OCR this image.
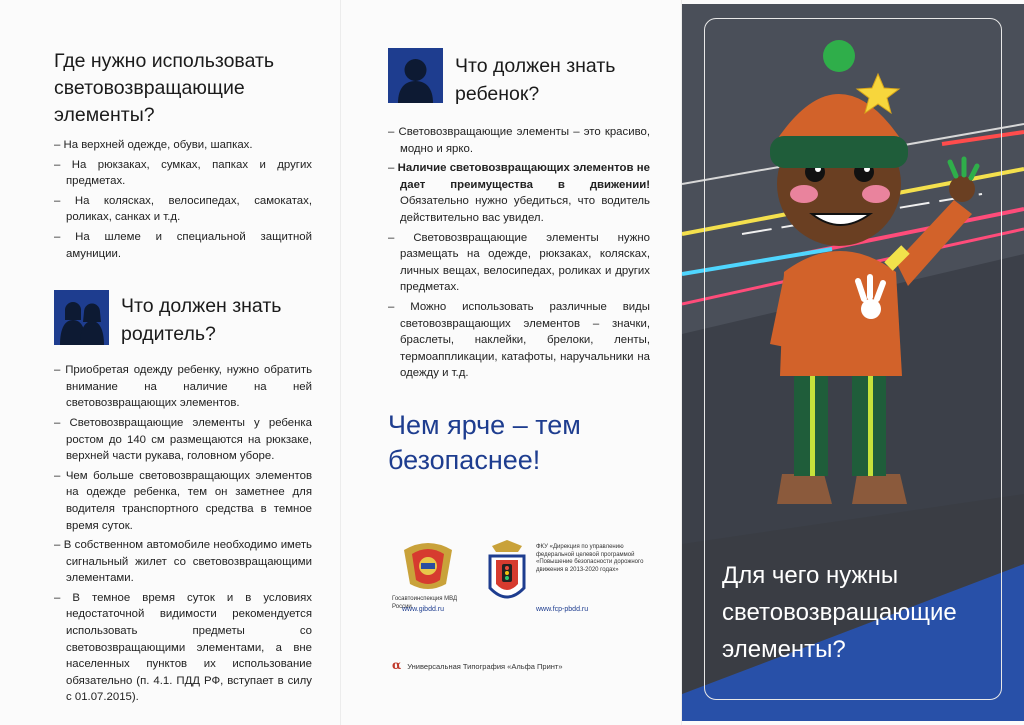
Где нужно использовать световозвращающие элементы?
– На верхней одежде, обуви, шапках.
– На рюкзаках, сумках, папках и других предметах.
– На колясках, велосипедах, самокатах, роликах, санках и т.д.
– На шлеме и специальной защитной амуниции.
Что должен знать родитель?
– Приобретая одежду ребенку, нужно обратить внимание на наличие на ней световозвращающих элементов.
– Световозвращающие элементы у ребенка ростом до 140 см размещаются на рюкзаке, верхней части рукава, головном уборе.
– Чем больше световозвращающих элементов на одежде ребенка, тем он заметнее для водителя транспортного средства в темное время суток.
– В собственном автомобиле необходимо иметь сигнальный жилет со световозвращающими элементами.
– В темное время суток и в условиях недостаточной видимости рекомендуется использовать предметы со световозвращающими элементами, а вне населенных пунктов их использование обязательно (п. 4.1. ПДД РФ, вступает в силу с 01.07.2015).
Что должен знать ребенок?
– Световозвращающие элементы – это красиво, модно и ярко.
– Наличие световозвращающих элементов не дает преимущества в движении! Обязательно нужно убедиться, что водитель действительно вас увидел.
– Световозвращающие элементы нужно размещать на одежде, рюкзаках, колясках, личных вещах, велосипедах, роликах и других предметах.
– Можно использовать различные виды световозвращающих элементов – значки, браслеты, наклейки, брелоки, ленты, термоаппликации, катафоты, наручальники на одежду и т.д.
Чем ярче – тем безопаснее!
Госавтоинспекция МВД России
www.gibdd.ru
ФКУ «Дирекция по управлению федеральной целевой программой «Повышение безопасности дорожного движения в 2013-2020 годах»
www.fcp-pbdd.ru
α Универсальная Типография «Альфа Принт»
Для чего нужны световозвращающие элементы?
